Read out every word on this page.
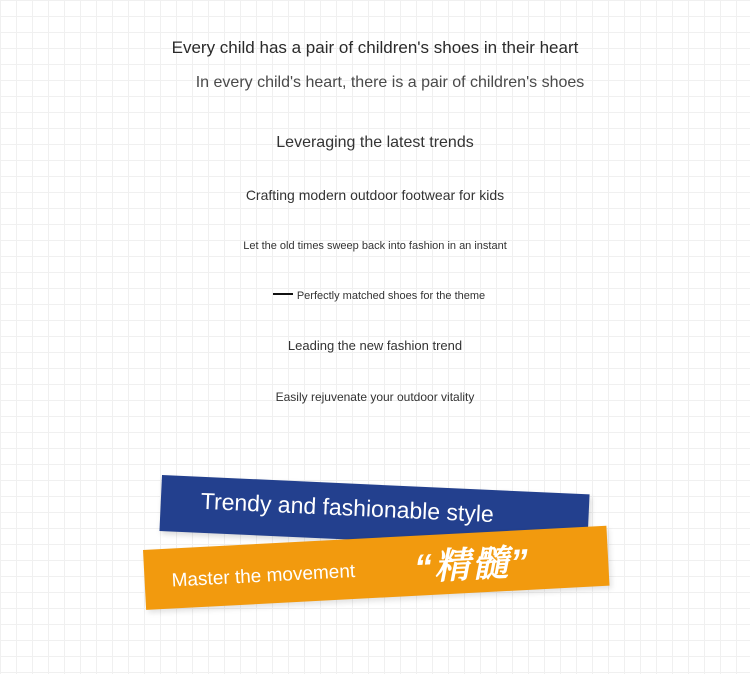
Every child has a pair of children's shoes in their heart
In every child's heart, there is a pair of children's shoes
Leveraging the latest trends
Crafting modern outdoor footwear for kids
Let the old times sweep back into fashion in an instant
Perfectly matched shoes for the theme
Leading the new fashion trend
Easily rejuvenate your outdoor vitality
Trendy and fashionable style
Master the movement “精髓”
